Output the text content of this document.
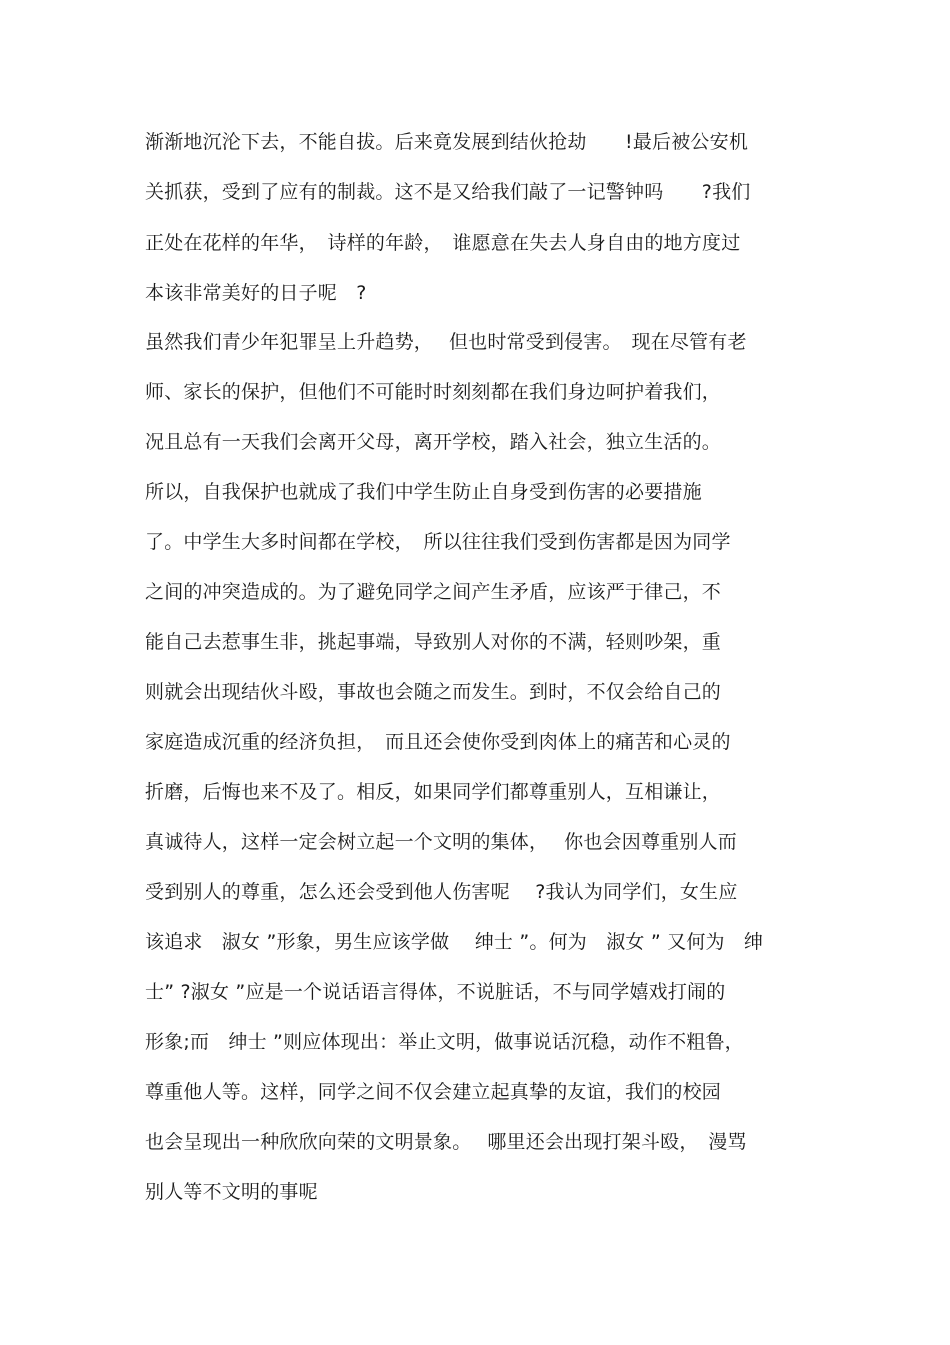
渐渐地沉沦下去，不能自拔。后来竟发展到结伙抢劫　　!最后被公安机
关抓获，受到了应有的制裁。这不是又给我们敲了一记警钟吗　　?我们
正处在花样的年华，　诗样的年龄，　谁愿意在失去人身自由的地方度过
本该非常美好的日子呢　?
虽然我们青少年犯罪呈上升趋势，　 但也时常受到侵害。　现在尽管有老
师、家长的保护，但他们不可能时时刻刻都在我们身边呵护着我们，
况且总有一天我们会离开父母，离开学校，踏入社会，独立生活的。
所以，自我保护也就成了我们中学生防止自身受到伤害的必要措施
了。中学生大多时间都在学校，　所以往往我们受到伤害都是因为同学
之间的冲突造成的。为了避免同学之间产生矛盾，应该严于律己，不
能自己去惹事生非，挑起事端，导致别人对你的不满，轻则吵架，重
则就会出现结伙斗殴，事故也会随之而发生。到时，不仅会给自己的
家庭造成沉重的经济负担，　而且还会使你受到肉体上的痛苦和心灵的
折磨，后悔也来不及了。相反，如果同学们都尊重别人，互相谦让，
真诚待人，这样一定会树立起一个文明的集体，　 你也会因尊重别人而
受到别人的尊重，怎么还会受到他人伤害呢　 ?我认为同学们，女生应
该追求　淑女 ”形象，男生应该学做　 绅士 ”。何为　淑女 ” 又何为　绅
士” ?淑女 ”应是一个说话语言得体，不说脏话，不与同学嬉戏打闹的
形象;而　绅士 ”则应体现出：举止文明，做事说话沉稳，动作不粗鲁，
尊重他人等。这样，同学之间不仅会建立起真挚的友谊，我们的校园
也会呈现出一种欣欣向荣的文明景象。　 哪里还会出现打架斗殴，　漫骂
别人等不文明的事呢
